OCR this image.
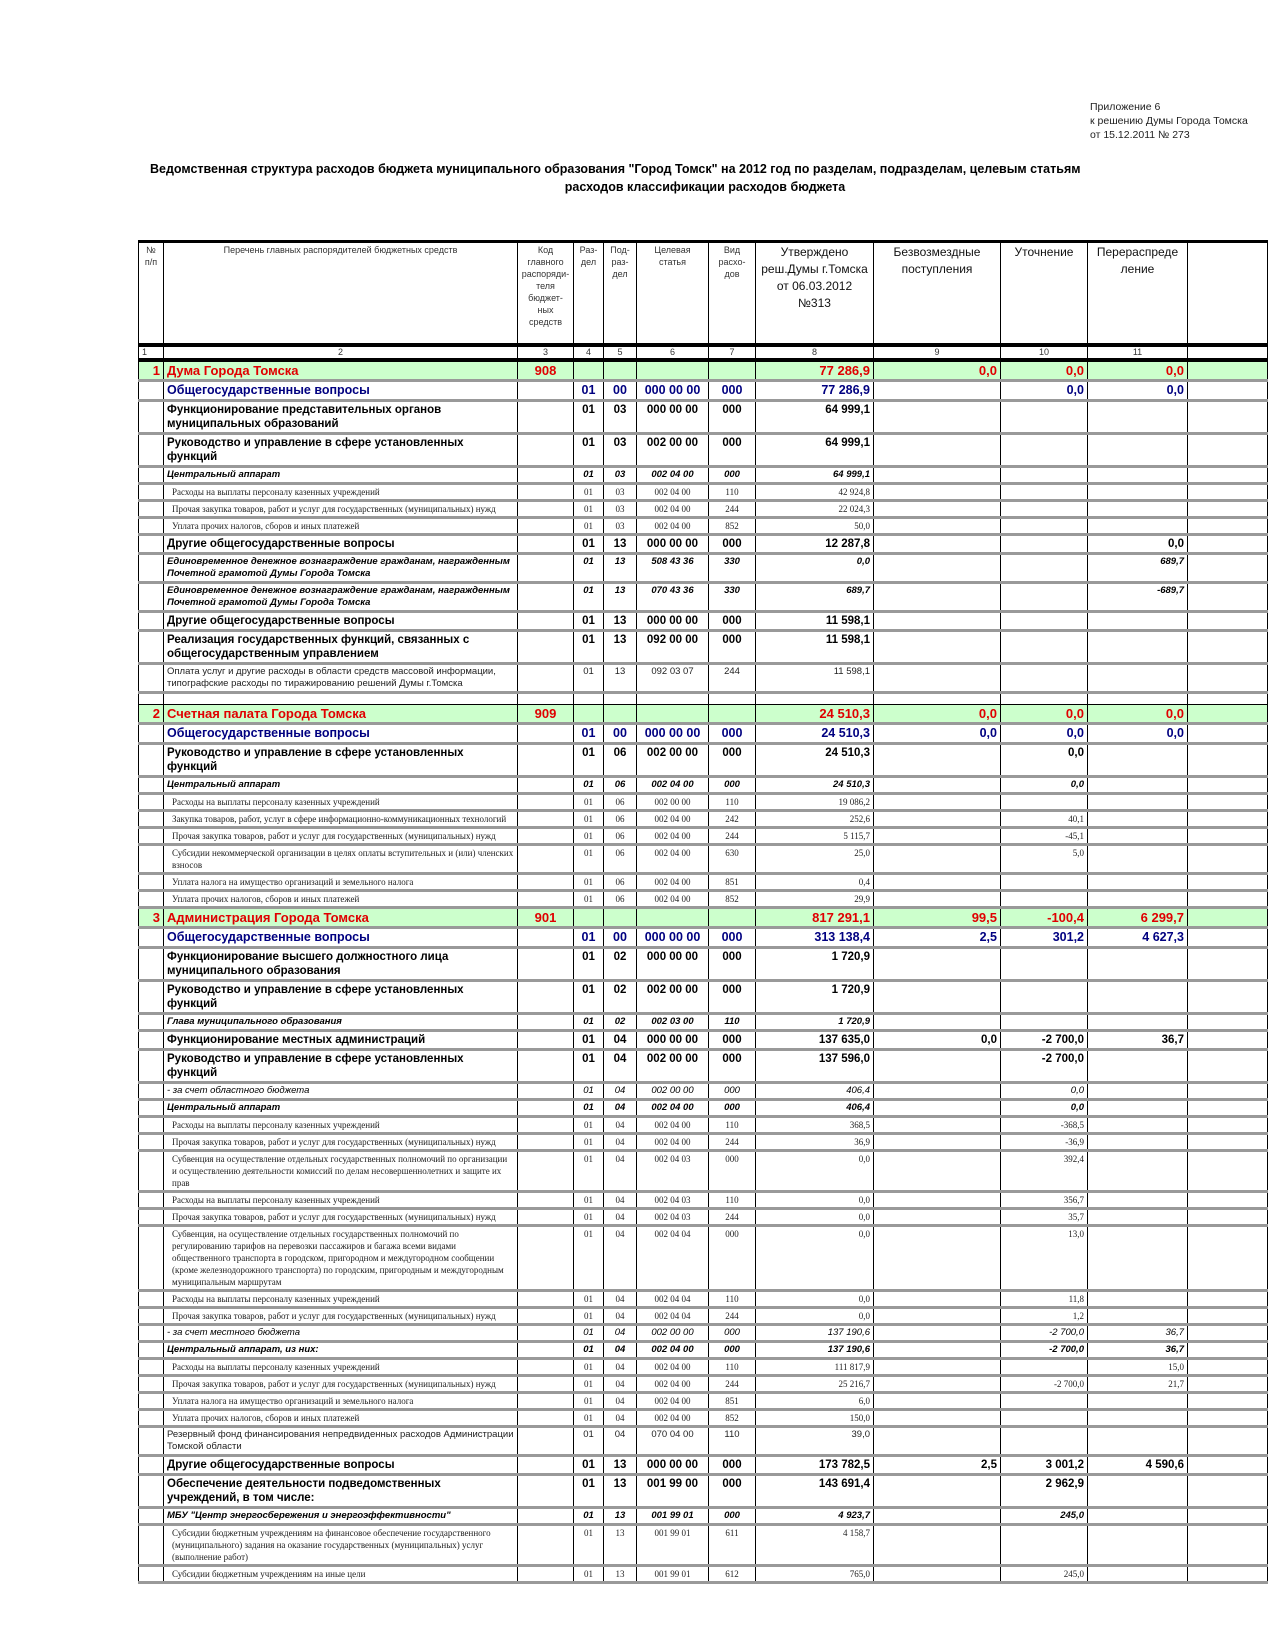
Приложение 6
к решению Думы Города Томска
от 15.12.2011 № 273
Ведомственная структура расходов бюджета муниципального образования "Город Томск" на 2012 год по разделам, подразделам, целевым статьям
расходов классификации расходов бюджета
№ п/п	Перечень главных распорядителей бюджетных средств	Код главного распоряди-теля бюджет-ных средств	Раз-дел	Под-раз-дел	Целевая статья	Вид расхо-дов	Утверждено реш.Думы г.Томска от 06.03.2012 №313	Безвозмездные поступления	Уточнение	Перераспреде ление	
1	2	3	4	5	6	7	8	9	10	11	
1	Дума Города Томска	908					77 286,9	0,0	0,0	0,0	
	Общегосударственные вопросы		01	00	000 00 00	000	77 286,9		0,0	0,0	
	Функционирование представительных органов муниципальных образований		01	03	000 00 00	000	64 999,1				
	Руководство и управление в сфере установленных функций		01	03	002 00 00	000	64 999,1				
	Центральный аппарат		01	03	002 04 00	000	64 999,1				
	Расходы на выплаты персоналу казенных учреждений		01	03	002 04 00	110	42 924,8				
	Прочая закупка товаров, работ и услуг для государственных (муниципальных) нужд		01	03	002 04 00	244	22 024,3				
	Уплата прочих налогов, сборов и иных платежей		01	03	002 04 00	852	50,0				
	Другие общегосударственные вопросы		01	13	000 00 00	000	12 287,8			0,0	
	Единовременное денежное вознаграждение гражданам, награжденным Почетной грамотой Думы Города Томска		01	13	508 43 36	330	0,0			689,7	
	Единовременное денежное вознаграждение гражданам, награжденным Почетной грамотой Думы Города Томска		01	13	070 43 36	330	689,7			-689,7	
	Другие общегосударственные вопросы		01	13	000 00 00	000	11 598,1				
	Реализация государственных функций, связанных с общегосударственным управлением		01	13	092 00 00	000	11 598,1				
	Оплата услуг и другие расходы в области средств массовой информации, типографские расходы по тиражированию решений Думы г.Томска		01	13	092 03 07	244	11 598,1				

2	Счетная палата Города Томска	909					24 510,3	0,0	0,0	0,0	
	Общегосударственные вопросы		01	00	000 00 00	000	24 510,3	0,0	0,0	0,0	
	Руководство и управление в сфере установленных функций		01	06	002 00 00	000	24 510,3		0,0		
	Центральный аппарат		01	06	002 04 00	000	24 510,3		0,0		
	Расходы на выплаты персоналу казенных учреждений		01	06	002 00 00	110	19 086,2				
	Закупка товаров, работ, услуг в сфере информационно-коммуникационных технологий		01	06	002 04 00	242	252,6		40,1		
	Прочая закупка товаров, работ и услуг для государственных (муниципальных) нужд		01	06	002 04 00	244	5 115,7		-45,1		
	Субсидии некоммерческой организации в целях оплаты вступительных и (или) членских взносов		01	06	002 04 00	630	25,0		5,0		
	Уплата налога на имущество организаций и земельного налога		01	06	002 04 00	851	0,4				
	Уплата прочих налогов, сборов и иных платежей		01	06	002 04 00	852	29,9				
3	Администрация Города Томска	901					817 291,1	99,5	-100,4	6 299,7	
	Общегосударственные вопросы		01	00	000 00 00	000	313 138,4	2,5	301,2	4 627,3	
	Функционирование высшего должностного лица муниципального образования		01	02	000 00 00	000	1 720,9				
	Руководство и управление в сфере установленных функций		01	02	002 00 00	000	1 720,9				
	Глава муниципального образования		01	02	002 03 00	110	1 720,9				
	Функционирование местных администраций		01	04	000 00 00	000	137 635,0	0,0	-2 700,0	36,7	
	Руководство и управление в сфере установленных функций		01	04	002 00 00	000	137 596,0		-2 700,0		
	- за счет областного бюджета		01	04	002 00 00	000	406,4		0,0		
	Центральный аппарат		01	04	002 04 00	000	406,4		0,0		
	Расходы на выплаты персоналу казенных учреждений		01	04	002 04 00	110	368,5		-368,5		
	Прочая закупка товаров, работ и услуг для государственных (муниципальных) нужд		01	04	002 04 00	244	36,9		-36,9		
	Субвенция на осуществление отдельных государственных полномочий по организации и осуществлению деятельности комиссий по делам несовершеннолетних и защите их прав		01	04	002 04 03	000	0,0		392,4		
	Расходы на выплаты персоналу казенных учреждений		01	04	002 04 03	110	0,0		356,7		
	Прочая закупка товаров, работ и услуг для государственных (муниципальных) нужд		01	04	002 04 03	244	0,0		35,7		
	Субвенция, на осуществление отдельных государственных полномочий по регулированию тарифов на перевозки пассажиров и багажа всеми видами общественного транспорта в городском, пригородном и междугородном сообщении (кроме железнодорожного транспорта) по городским, пригородным и междугородным муниципальным маршрутам		01	04	002 04 04	000	0,0		13,0		
	Расходы на выплаты персоналу казенных учреждений		01	04	002 04 04	110	0,0		11,8		
	Прочая закупка товаров, работ и услуг для государственных (муниципальных) нужд		01	04	002 04 04	244	0,0		1,2		
	- за счет местного бюджета		01	04	002 00 00	000	137 190,6		-2 700,0	36,7	
	Центральный аппарат, из них:		01	04	002 04 00	000	137 190,6		-2 700,0	36,7	
	Расходы на выплаты персоналу казенных учреждений		01	04	002 04 00	110	111 817,9			15,0	
	Прочая закупка товаров, работ и услуг для государственных (муниципальных) нужд		01	04	002 04 00	244	25 216,7		-2 700,0	21,7	
	Уплата налога на имущество организаций и земельного налога		01	04	002 04 00	851	6,0				
	Уплата прочих налогов, сборов и иных платежей		01	04	002 04 00	852	150,0				
	Резервный фонд финансирования непредвиденных расходов Администрации Томской области		01	04	070 04 00	110	39,0				
	Другие общегосударственные вопросы		01	13	000 00 00	000	173 782,5	2,5	3 001,2	4 590,6	
	Обеспечение деятельности подведомственных учреждений, в том числе:		01	13	001 99 00	000	143 691,4		2 962,9		
	МБУ "Центр энергосбережения и энергоэффективности"		01	13	001 99 01	000	4 923,7		245,0		
	Субсидии бюджетным учреждениям на финансовое обеспечение государственного (муниципального) задания на оказание государственных (муниципальных) услуг (выполнение работ)		01	13	001 99 01	611	4 158,7				
	Субсидии бюджетным учреждениям на иные цели		01	13	001 99 01	612	765,0		245,0		
